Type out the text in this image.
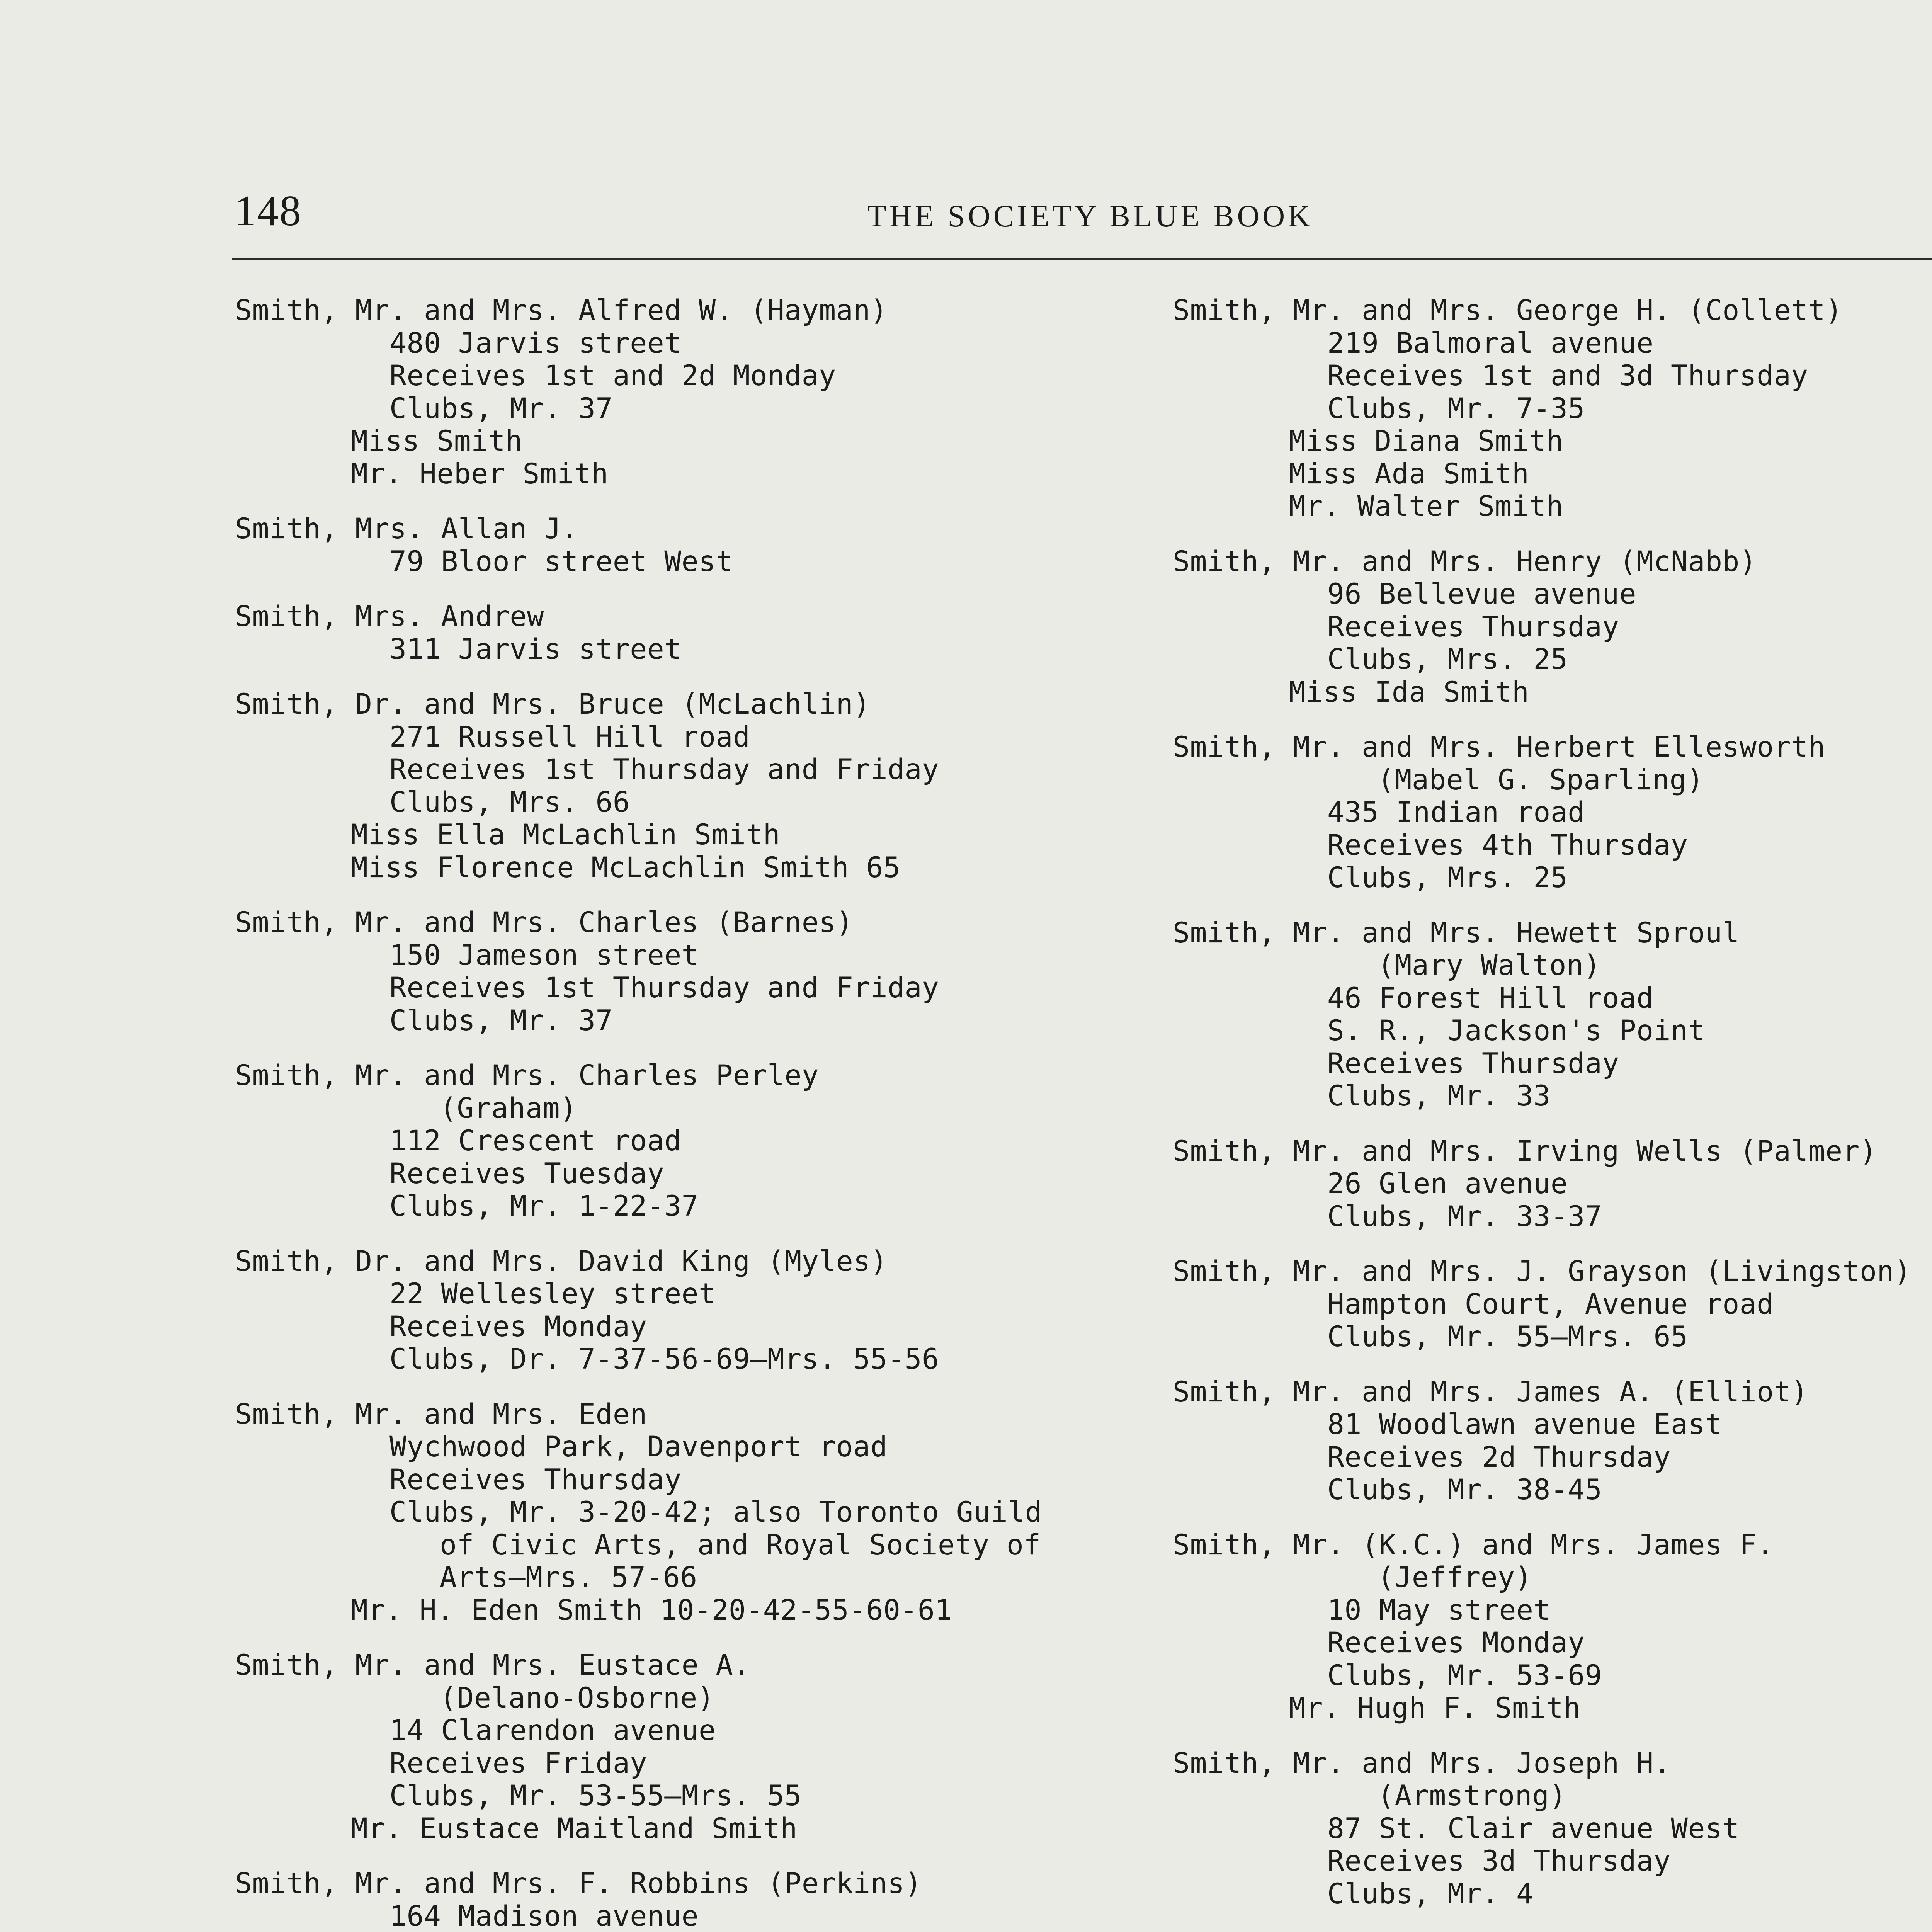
148	THE SOCIETY BLUE BOOK
Smith, Mr. and Mrs. Alfred W. (Hayman)
480 Jarvis street
Receives 1st and 2d Monday
Clubs, Mr. 37
Miss Smith
Mr. Heber Smith
Smith, Mrs. Allan J.
79 Bloor street West
Smith, Mrs. Andrew
311 Jarvis street
Smith, Dr. and Mrs. Bruce (McLachlin)
271 Russell Hill road
Receives 1st Thursday and Friday
Clubs, Mrs. 66
Miss Ella McLachlin Smith
Miss Florence McLachlin Smith 65
Smith, Mr. and Mrs. Charles (Barnes)
150 Jameson street
Receives 1st Thursday and Friday
Clubs, Mr. 37
Smith, Mr. and Mrs. Charles Perley
(Graham)
112 Crescent road
Receives Tuesday
Clubs, Mr. 1-22-37
Smith, Dr. and Mrs. David King (Myles)
22 Wellesley street
Receives Monday
Clubs, Dr. 7-37-56-69—Mrs. 55-56
Smith, Mr. and Mrs. Eden
Wychwood Park, Davenport road
Receives Thursday
Clubs, Mr. 3-20-42; also Toronto Guild
of Civic Arts, and Royal Society of
Arts—Mrs. 57-66
Mr. H. Eden Smith 10-20-42-55-60-61
Smith, Mr. and Mrs. Eustace A.
(Delano-Osborne)
14 Clarendon avenue
Receives Friday
Clubs, Mr. 53-55—Mrs. 55
Mr. Eustace Maitland Smith
Smith, Mr. and Mrs. F. Robbins (Perkins)
164 Madison avenue
Smith, Mr. and Mrs. George H. (Collett)
219 Balmoral avenue
Receives 1st and 3d Thursday
Clubs, Mr. 7-35
Miss Diana Smith
Miss Ada Smith
Mr. Walter Smith
Smith, Mr. and Mrs. Henry (McNabb)
96 Bellevue avenue
Receives Thursday
Clubs, Mrs. 25
Miss Ida Smith
Smith, Mr. and Mrs. Herbert Ellesworth
(Mabel G. Sparling)
435 Indian road
Receives 4th Thursday
Clubs, Mrs. 25
Smith, Mr. and Mrs. Hewett Sproul
(Mary Walton)
46 Forest Hill road
S. R., Jackson's Point
Receives Thursday
Clubs, Mr. 33
Smith, Mr. and Mrs. Irving Wells (Palmer)
26 Glen avenue
Clubs, Mr. 33-37
Smith, Mr. and Mrs. J. Grayson (Livingston)
Hampton Court, Avenue road
Clubs, Mr. 55—Mrs. 65
Smith, Mr. and Mrs. James A. (Elliot)
81 Woodlawn avenue East
Receives 2d Thursday
Clubs, Mr. 38-45
Smith, Mr. (K.C.) and Mrs. James F.
(Jeffrey)
10 May street
Receives Monday
Clubs, Mr. 53-69
Mr. Hugh F. Smith
Smith, Mr. and Mrs. Joseph H.
(Armstrong)
87 St. Clair avenue West
Receives 3d Thursday
Clubs, Mr. 4
